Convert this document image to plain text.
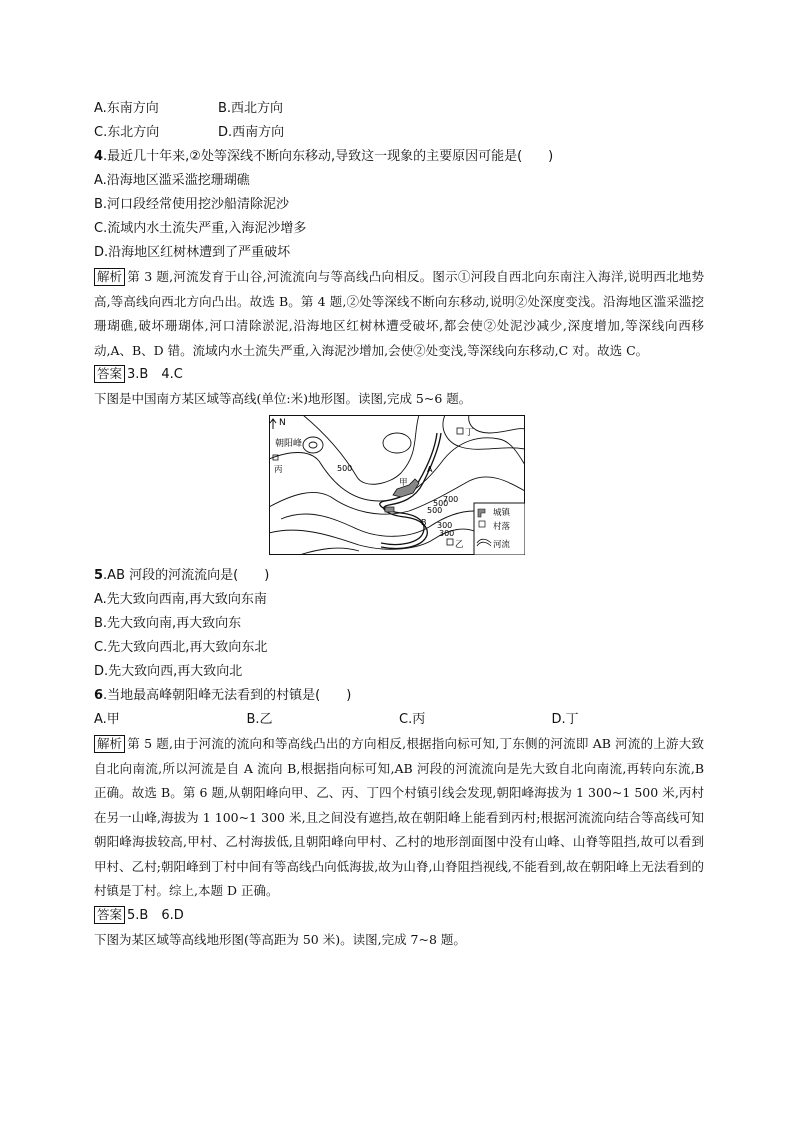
A.东南方向	B.西北方向
C.东北方向	D.西南方向
4.最近几十年来,②处等深线不断向东移动,导致这一现象的主要原因可能是(　　)
A.沿海地区滥采滥挖珊瑚礁
B.河口段经常使用挖沙船清除泥沙
C.流域内水土流失严重,入海泥沙增多
D.沿海地区红树林遭到了严重破坏
解析 第 3 题,河流发育于山谷,河流流向与等高线凸向相反。图示①河段自西北向东南注入海洋,说明西北地势高,等高线向西北方向凸出。故选 B。第 4 题,②处等深线不断向东移动,说明②处深度变浅。沿海地区滥采滥挖珊瑚礁,破坏珊瑚体,河口清除淤泥,沿海地区红树林遭受破坏,都会使②处泥沙减少,深度增加,等深线向西移动,A、B、D 错。流域内水土流失严重,入海泥沙增加,会使②处变浅,等深线向东移动,C 对。故选 C。
答案 3.B　4.C
下图是中国南方某区域等高线(单位:米)地形图。读图,完成 5~6 题。
N
朝阳峰
500
500
700
500
300
300
丙
甲
丁
乙
A
B
城镇
村落
河流
5.AB 河段的河流流向是(　　)
A.先大致向西南,再大致向东南
B.先大致向南,再大致向东
C.先大致向西北,再大致向东北
D.先大致向西,再大致向北
6.当地最高峰朝阳峰无法看到的村镇是(　　)
A.甲	B.乙	C.丙	D.丁
解析 第 5 题,由于河流的流向和等高线凸出的方向相反,根据指向标可知,丁东侧的河流即 AB 河流的上游大致自北向南流,所以河流是自 A 流向 B,根据指向标可知,AB 河段的河流流向是先大致自北向南流,再转向东流,B 正确。故选 B。第 6 题,从朝阳峰向甲、乙、丙、丁四个村镇引线会发现,朝阳峰海拔为 1 300~1 500 米,丙村在另一山峰,海拔为 1 100~1 300 米,且之间没有遮挡,故在朝阳峰上能看到丙村;根据河流流向结合等高线可知朝阳峰海拔较高,甲村、乙村海拔低,且朝阳峰向甲村、乙村的地形剖面图中没有山峰、山脊等阻挡,故可以看到甲村、乙村;朝阳峰到丁村中间有等高线凸向低海拔,故为山脊,山脊阻挡视线,不能看到,故在朝阳峰上无法看到的村镇是丁村。综上,本题 D 正确。
答案 5.B　6.D
下图为某区域等高线地形图(等高距为 50 米)。读图,完成 7~8 题。
